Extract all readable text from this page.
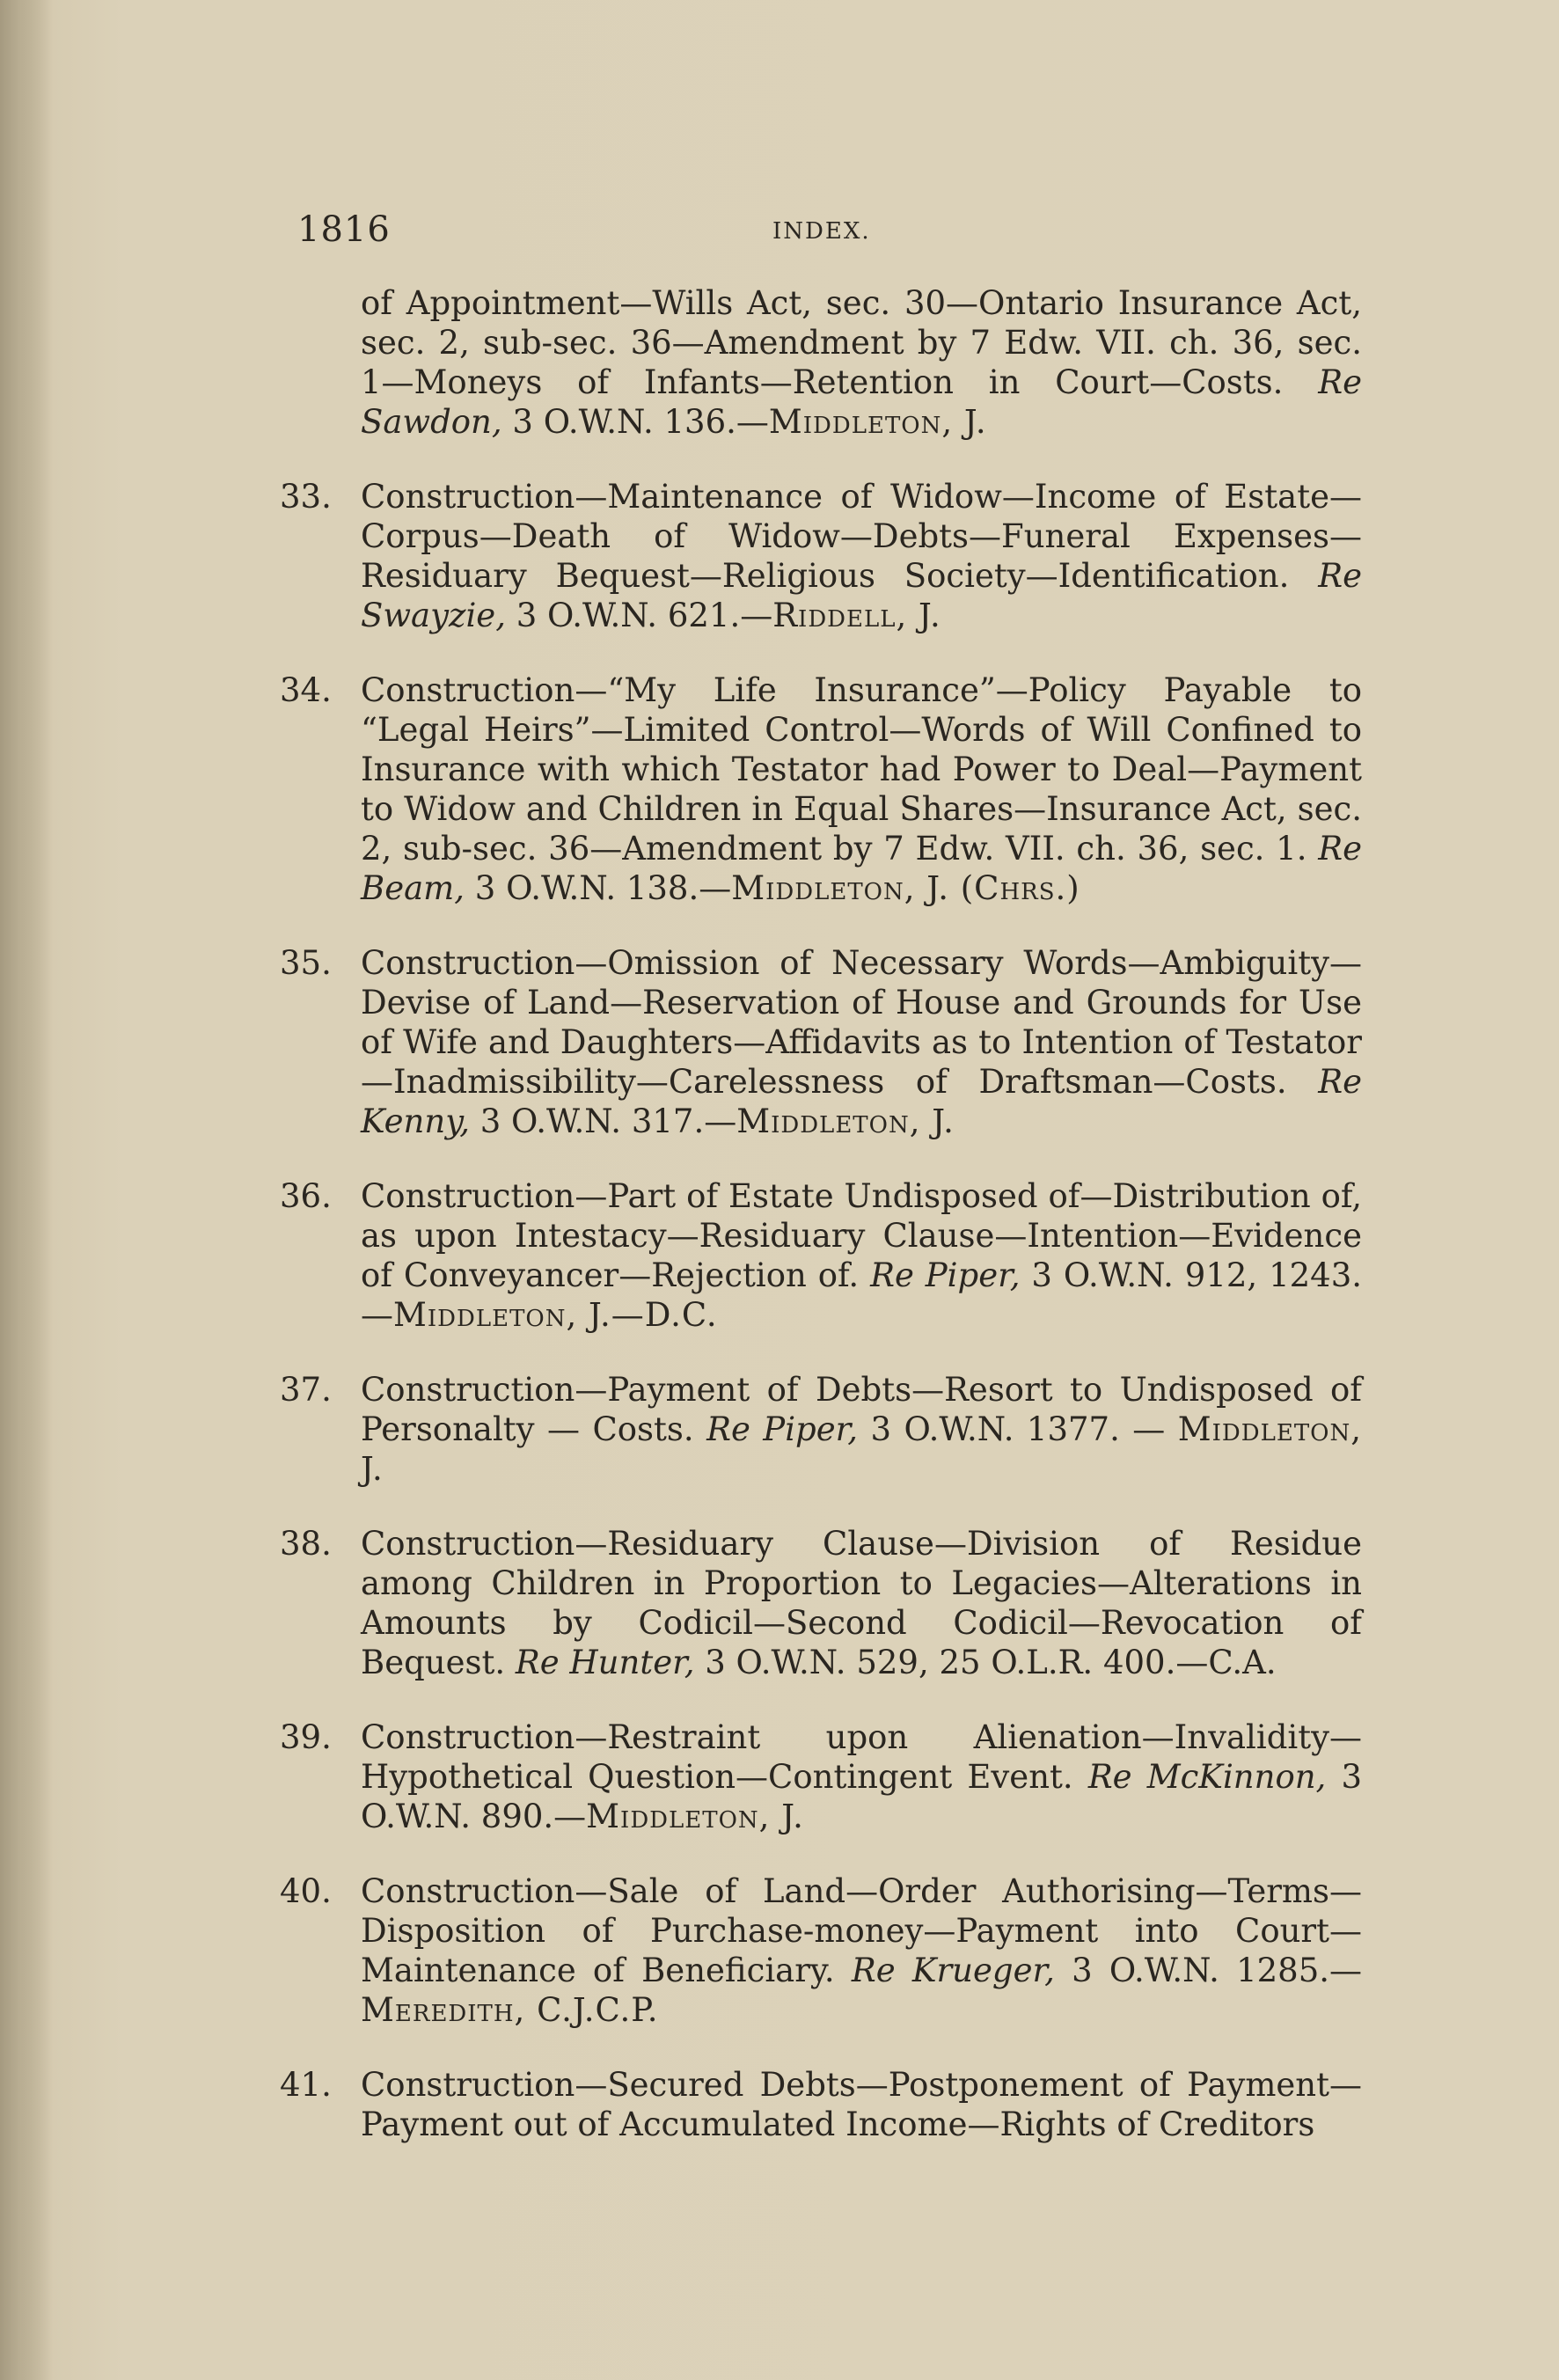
1816	INDEX.
of Appointment—Wills Act, sec. 30—Ontario Insurance Act, sec. 2, sub-sec. 36—Amendment by 7 Edw. VII. ch. 36, sec. 1—Moneys of Infants—Retention in Court—Costs. Re Sawdon, 3 O.W.N. 136.—Middleton, J.
33. Construction—Maintenance of Widow—Income of Estate—Corpus—Death of Widow—Debts—Funeral Expenses—Residuary Bequest—Religious Society—Identification. Re Swayzie, 3 O.W.N. 621.—Riddell, J.
34. Construction—“My Life Insurance”—Policy Payable to “Legal Heirs”—Limited Control—Words of Will Confined to Insurance with which Testator had Power to Deal—Payment to Widow and Children in Equal Shares—Insurance Act, sec. 2, sub-sec. 36—Amendment by 7 Edw. VII. ch. 36, sec. 1. Re Beam, 3 O.W.N. 138.—Middleton, J. (Chrs.)
35. Construction—Omission of Necessary Words—Ambiguity—Devise of Land—Reservation of House and Grounds for Use of Wife and Daughters—Affidavits as to Intention of Testator—Inadmissibility—Carelessness of Draftsman—Costs. Re Kenny, 3 O.W.N. 317.—Middleton, J.
36. Construction—Part of Estate Undisposed of—Distribution of, as upon Intestacy—Residuary Clause—Intention—Evidence of Conveyancer—Rejection of. Re Piper, 3 O.W.N. 912, 1243.—Middleton, J.—D.C.
37. Construction—Payment of Debts—Resort to Undisposed of Personalty — Costs. Re Piper, 3 O.W.N. 1377. — Middleton, J.
38. Construction—Residuary Clause—Division of Residue among Children in Proportion to Legacies—Alterations in Amounts by Codicil—Second Codicil—Revocation of Bequest. Re Hunter, 3 O.W.N. 529, 25 O.L.R. 400.—C.A.
39. Construction—Restraint upon Alienation—Invalidity—Hypothetical Question—Contingent Event. Re McKinnon, 3 O.W.N. 890.—Middleton, J.
40. Construction—Sale of Land—Order Authorising—Terms—Disposition of Purchase-money—Payment into Court—Maintenance of Beneficiary. Re Krueger, 3 O.W.N. 1285.—Meredith, C.J.C.P.
41. Construction—Secured Debts—Postponement of Payment—Payment out of Accumulated Income—Rights of Creditors
